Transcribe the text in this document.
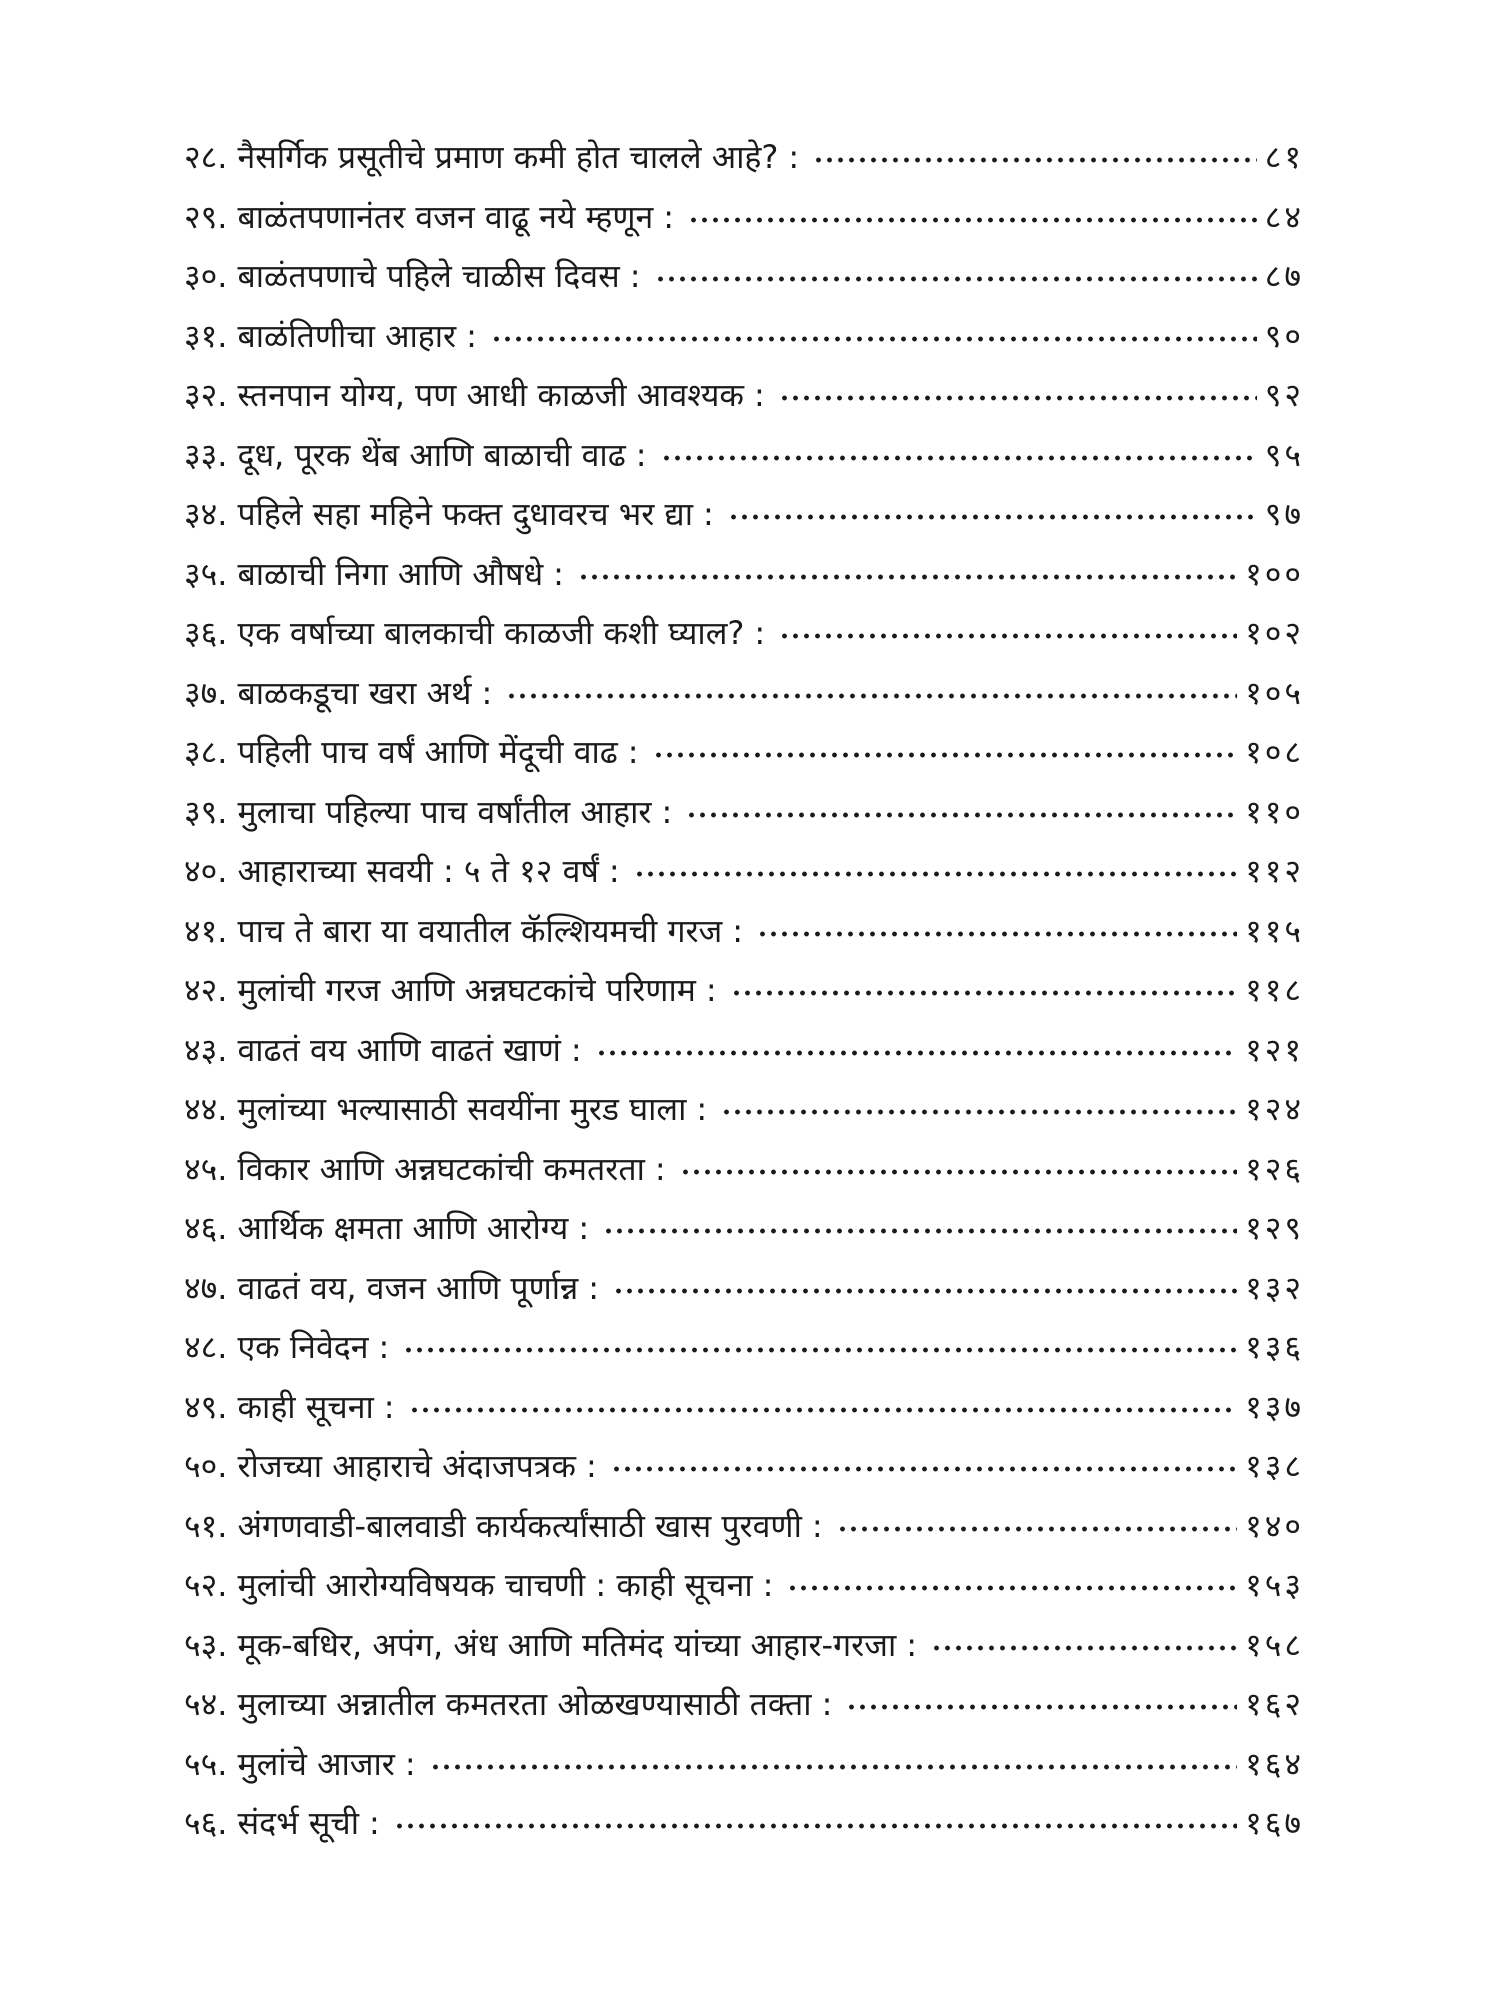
२८. नैसर्गिक प्रसूतीचे प्रमाण कमी होत चालले आहे? :	८१
२९. बाळंतपणानंतर वजन वाढू नये म्हणून :	८४
३०. बाळंतपणाचे पहिले चाळीस दिवस :	८७
३१. बाळंतिणीचा आहार :	९०
३२. स्तनपान योग्य, पण आधी काळजी आवश्यक :	९२
३३. दूध, पूरक थेंब आणि बाळाची वाढ :	९५
३४. पहिले सहा महिने फक्त दुधावरच भर द्या :	९७
३५. बाळाची निगा आणि औषधे :	१००
३६. एक वर्षाच्या बालकाची काळजी कशी घ्याल? :	१०२
३७. बाळकडूचा खरा अर्थ :	१०५
३८. पहिली पाच वर्षं आणि मेंदूची वाढ :	१०८
३९. मुलाचा पहिल्या पाच वर्षांतील आहार :	११०
४०. आहाराच्या सवयी : ५ ते १२ वर्षं :	११२
४१. पाच ते बारा या वयातील कॅल्शियमची गरज :	११५
४२. मुलांची गरज आणि अन्नघटकांचे परिणाम :	११८
४३. वाढतं वय आणि वाढतं खाणं :	१२१
४४. मुलांच्या भल्यासाठी सवयींना मुरड घाला :	१२४
४५. विकार आणि अन्नघटकांची कमतरता :	१२६
४६. आर्थिक क्षमता आणि आरोग्य :	१२९
४७. वाढतं वय, वजन आणि पूर्णान्न :	१३२
४८. एक निवेदन :	१३६
४९. काही सूचना :	१३७
५०. रोजच्या आहाराचे अंदाजपत्रक :	१३८
५१. अंगणवाडी-बालवाडी कार्यकर्त्यांसाठी खास पुरवणी :	१४०
५२. मुलांची आरोग्यविषयक चाचणी : काही सूचना :	१५३
५३. मूक-बधिर, अपंग, अंध आणि मतिमंद यांच्या आहार-गरजा :	१५८
५४. मुलाच्या अन्नातील कमतरता ओळखण्यासाठी तक्ता :	१६२
५५. मुलांचे आजार :	१६४
५६. संदर्भ सूची :	१६७
